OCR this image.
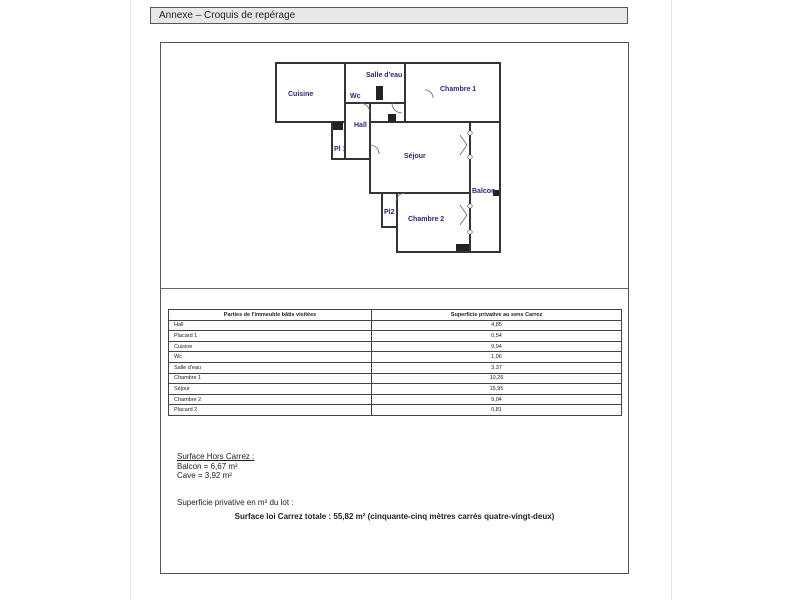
Annexe – Croquis de repérage
Cuisine
Salle d'eau
Chambre 1
Wc
Hall
Pl 1
Séjour
Balcon
Pl2
Chambre 2
Parties de l'immeuble bâtis visitées	Superficie privative au sens Carrez
Hall	4,85
Placard 1	0,54
Cuisine	9,94
Wc	1,06
Salle d'eau	3,37
Chambre 1	10,26
Séjour	15,95
Chambre 2	9,04
Placard 2	0,81
Surface Hors Carrez :
Balcon = 6,67 m²
Cave = 3,92 m²
Superficie privative en m² du lot :
Surface loi Carrez totale : 55,82 m² (cinquante-cinq mètres carrés quatre-vingt-deux)
